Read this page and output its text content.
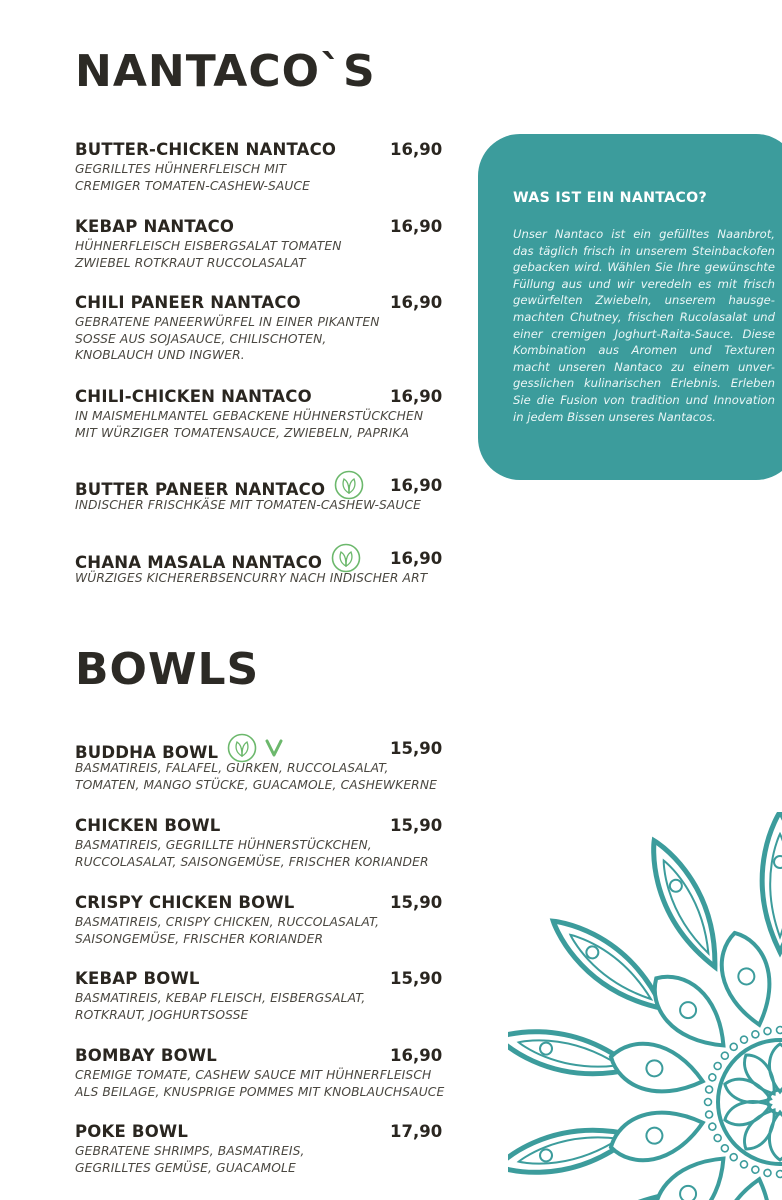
NANTACO`S
BUTTER-CHICKEN NANTACO	16,90
GEGRILLTES HÜHNERFLEISCH MIT
CREMIGER TOMATEN-CASHEW-SAUCE
KEBAP NANTACO	16,90
HÜHNERFLEISCH EISBERGSALAT TOMATEN
ZWIEBEL ROTKRAUT RUCCOLASALAT
CHILI PANEER NANTACO	16,90
GEBRATENE PANEERWÜRFEL IN EINER PIKANTEN
SOSSE AUS SOJASAUCE, CHILISCHOTEN,
KNOBLAUCH UND INGWER.
CHILI-CHICKEN NANTACO	16,90
IN MAISMEHLMANTEL GEBACKENE HÜHNERSTÜCKCHEN
MIT WÜRZIGER TOMATENSAUCE, ZWIEBELN, PAPRIKA
BUTTER PANEER NANTACO	16,90
INDISCHER FRISCHKÄSE MIT TOMATEN-CASHEW-SAUCE
CHANA MASALA NANTACO	16,90
WÜRZIGES KICHERERBSENCURRY NACH INDISCHER ART
WAS IST EIN NANTACO?
Unser Nantaco ist ein gefülltes Naanbrot, das täglich frisch in unserem Steinbackofen gebacken wird. Wählen Sie Ihre gewünschte Füllung aus und wir veredeln es mit frisch gewürfelten Zwiebeln, unserem hausge-machten Chutney, frischen Rucolasalat und einer cremigen Joghurt-Raita-Sauce. Diese Kombination aus Aromen und Texturen macht unseren Nantaco zu einem unver-gesslichen kulinarischen Erlebnis. Erleben Sie die Fusion von tradition und Innovation in jedem Bissen unseres Nantacos.
BOWLS
BUDDHA BOWL	15,90
BASMATIREIS, FALAFEL, GURKEN, RUCCOLASALAT,
TOMATEN, MANGO STÜCKE, GUACAMOLE, CASHEWKERNE
CHICKEN BOWL	15,90
BASMATIREIS, GEGRILLTE HÜHNERSTÜCKCHEN,
RUCCOLASALAT, SAISONGEMÜSE, FRISCHER KORIANDER
CRISPY CHICKEN BOWL	15,90
BASMATIREIS, CRISPY CHICKEN, RUCCOLASALAT,
SAISONGEMÜSE, FRISCHER KORIANDER
KEBAP BOWL	15,90
BASMATIREIS, KEBAP FLEISCH, EISBERGSALAT,
ROTKRAUT, JOGHURTSOSSE
BOMBAY BOWL	16,90
CREMIGE TOMATE, CASHEW SAUCE MIT HÜHNERFLEISCH
ALS BEILAGE, KNUSPRIGE POMMES MIT KNOBLAUCHSAUCE
POKE BOWL	17,90
GEBRATENE SHRIMPS, BASMATIREIS,
GEGRILLTES GEMÜSE, GUACAMOLE
